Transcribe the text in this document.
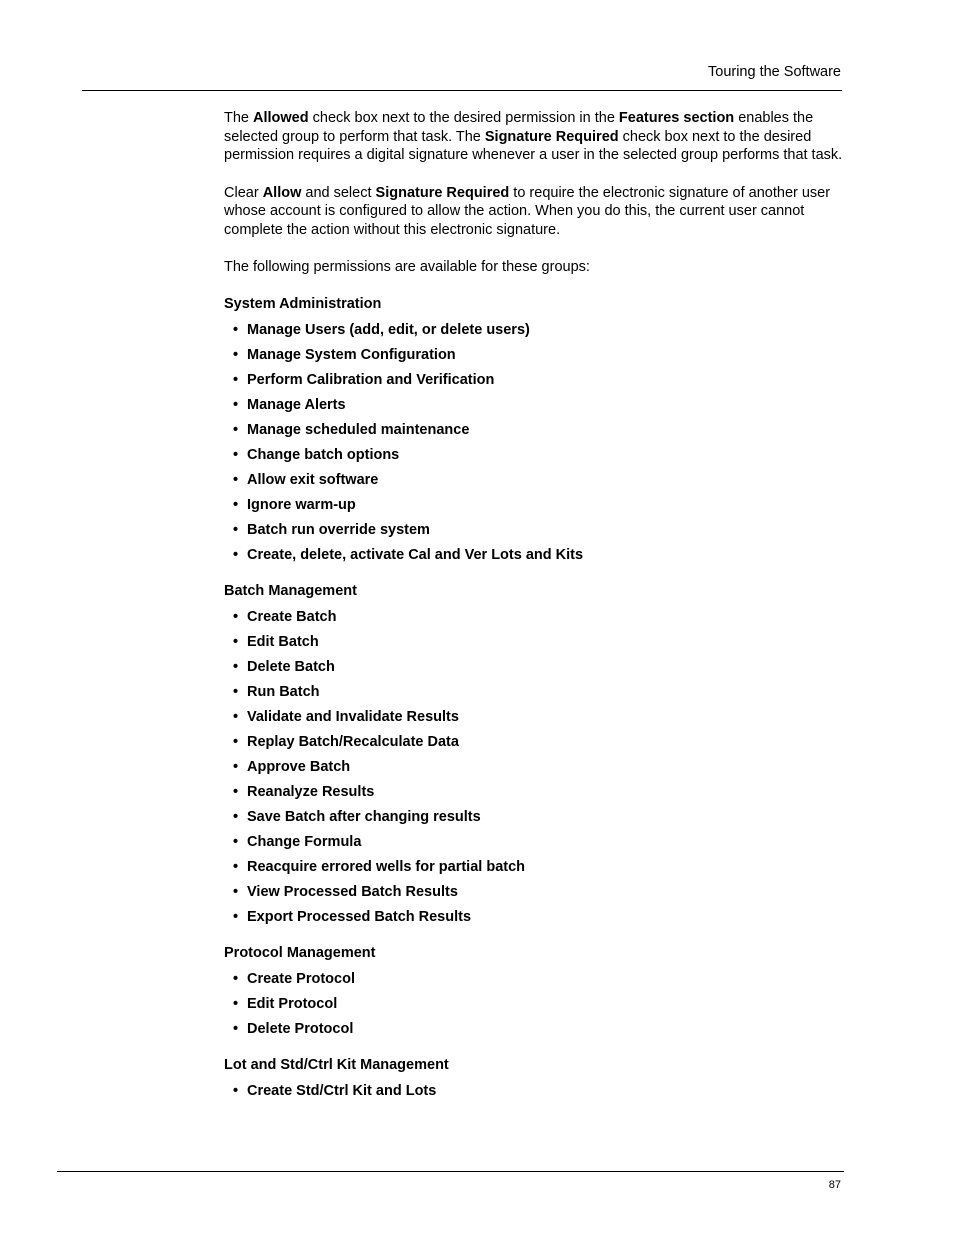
Touring the Software

The Allowed check box next to the desired permission in the Features section enables the selected group to perform that task. The Signature Required check box next to the desired permission requires a digital signature whenever a user in the selected group performs that task.

Clear Allow and select Signature Required to require the electronic signature of another user whose account is configured to allow the action. When you do this, the current user cannot complete the action without this electronic signature.

The following permissions are available for these groups:

System Administration
• Manage Users (add, edit, or delete users)
• Manage System Configuration
• Perform Calibration and Verification
• Manage Alerts
• Manage scheduled maintenance
• Change batch options
• Allow exit software
• Ignore warm-up
• Batch run override system
• Create, delete, activate Cal and Ver Lots and Kits
Batch Management
• Create Batch
• Edit Batch
• Delete Batch
• Run Batch
• Validate and Invalidate Results
• Replay Batch/Recalculate Data
• Approve Batch
• Reanalyze Results
• Save Batch after changing results
• Change Formula
• Reacquire errored wells for partial batch
• View Processed Batch Results
• Export Processed Batch Results
Protocol Management
• Create Protocol
• Edit Protocol
• Delete Protocol
Lot and Std/Ctrl Kit Management
• Create Std/Ctrl Kit and Lots
87
